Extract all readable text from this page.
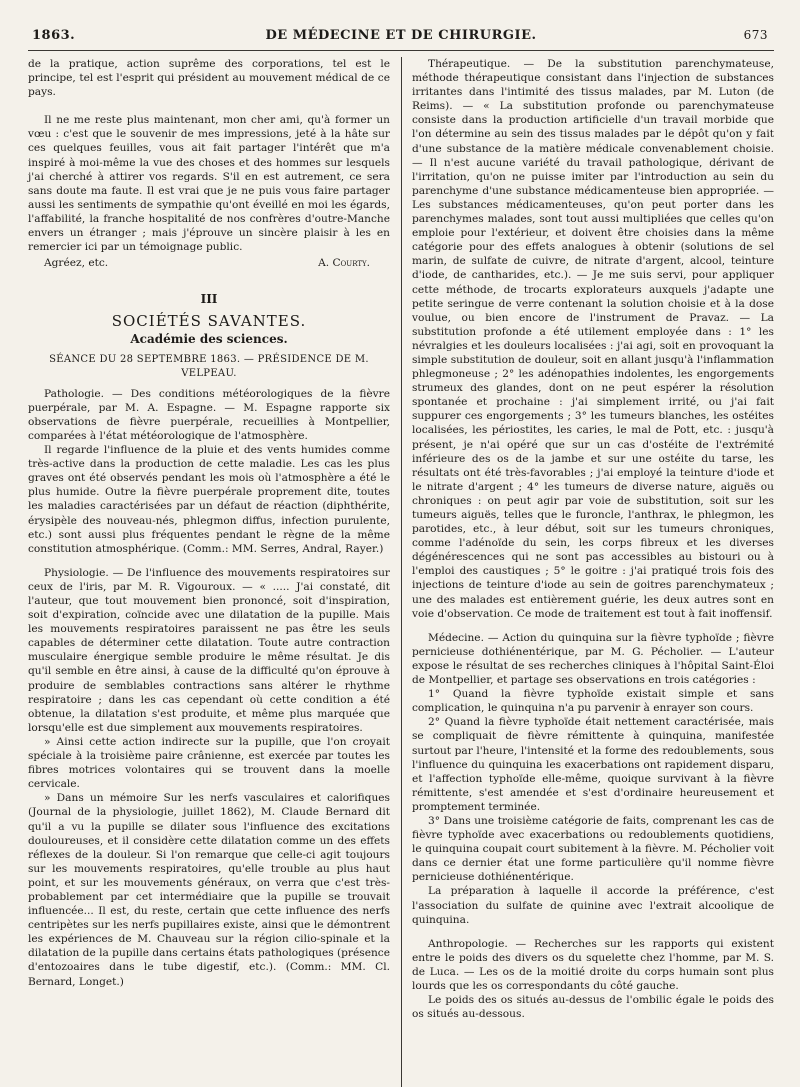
1863.	DE MÉDECINE ET DE CHIRURGIE.	673

de la pratique, action suprême des corporations, tel est le principe, tel est l'esprit qui président au mouvement médical de ce pays.

Il ne me reste plus maintenant, mon cher ami, qu'à former un vœu : c'est que le souvenir de mes impressions, jeté à la hâte sur ces quelques feuilles, vous ait fait partager l'intérêt que m'a inspiré à moi-même la vue des choses et des hommes sur lesquels j'ai cherché à attirer vos regards. S'il en est autrement, ce sera sans doute ma faute. Il est vrai que je ne puis vous faire partager aussi les sentiments de sympathie qu'ont éveillé en moi les égards, l'affabilité, la franche hospitalité de nos confrères d'outre-Manche envers un étranger ; mais j'éprouve un sincère plaisir à les en remercier ici par un témoignage public.

Agréez, etc.	A. Courty.
III
SOCIÉTÉS SAVANTES.
Académie des sciences.
SÉANCE DU 28 SEPTEMBRE 1863. — PRÉSIDENCE DE M. VELPEAU.

Pathologie. — Des conditions météorologiques de la fièvre puerpérale, par M. A. Espagne. — M. Espagne rapporte six observations de fièvre puerpérale, recueillies à Montpellier, comparées à l'état météorologique de l'atmosphère.

Il regarde l'influence de la pluie et des vents humides comme très-active dans la production de cette maladie. Les cas les plus graves ont été observés pendant les mois où l'atmosphère a été le plus humide. Outre la fièvre puerpérale proprement dite, toutes les maladies caractérisées par un défaut de réaction (diphthérite, érysipèle des nouveau-nés, phlegmon diffus, infection purulente, etc.) sont aussi plus fréquentes pendant le règne de la même constitution atmosphérique. (Comm.: MM. Serres, Andral, Rayer.)

Physiologie. — De l'influence des mouvements respiratoires sur ceux de l'iris, par M. R. Vigouroux. — « ..... J'ai constaté, dit l'auteur, que tout mouvement bien prononcé, soit d'inspiration, soit d'expiration, coïncide avec une dilatation de la pupille. Mais les mouvements respiratoires paraissent ne pas être les seuls capables de déterminer cette dilatation. Toute autre contraction musculaire énergique semble produire le même résultat. Je dis qu'il semble en être ainsi, à cause de la difficulté qu'on éprouve à produire de semblables contractions sans altérer le rhythme respiratoire ; dans les cas cependant où cette condition a été obtenue, la dilatation s'est produite, et même plus marquée que lorsqu'elle est due simplement aux mouvements respiratoires.

» Ainsi cette action indirecte sur la pupille, que l'on croyait spéciale à la troisième paire crânienne, est exercée par toutes les fibres motrices volontaires qui se trouvent dans la moelle cervicale.

» Dans un mémoire Sur les nerfs vasculaires et calorifiques (Journal de la physiologie, juillet 1862), M. Claude Bernard dit qu'il a vu la pupille se dilater sous l'influence des excitations douloureuses, et il considère cette dilatation comme un des effets réflexes de la douleur. Si l'on remarque que celle-ci agit toujours sur les mouvements respiratoires, qu'elle trouble au plus haut point, et sur les mouvements généraux, on verra que c'est très-probablement par cet intermédiaire que la pupille se trouvait influencée... Il est, du reste, certain que cette influence des nerfs centripètes sur les nerfs pupillaires existe, ainsi que le démontrent les expériences de M. Chauveau sur la région cilio-spinale et la dilatation de la pupille dans certains états pathologiques (présence d'entozoaires dans le tube digestif, etc.). (Comm.: MM. Cl. Bernard, Longet.)

Thérapeutique. — De la substitution parenchymateuse, méthode thérapeutique consistant dans l'injection de substances irritantes dans l'intimité des tissus malades, par M. Luton (de Reims). — « La substitution profonde ou parenchymateuse consiste dans la production artificielle d'un travail morbide que l'on détermine au sein des tissus malades par le dépôt qu'on y fait d'une substance de la matière médicale convenablement choisie. — Il n'est aucune variété du travail pathologique, dérivant de l'irritation, qu'on ne puisse imiter par l'introduction au sein du parenchyme d'une substance médicamenteuse bien appropriée. — Les substances médicamenteuses, qu'on peut porter dans les parenchymes malades, sont tout aussi multipliées que celles qu'on emploie pour l'extérieur, et doivent être choisies dans la même catégorie pour des effets analogues à obtenir (solutions de sel marin, de sulfate de cuivre, de nitrate d'argent, alcool, teinture d'iode, de cantharides, etc.). — Je me suis servi, pour appliquer cette méthode, de trocarts explorateurs auxquels j'adapte une petite seringue de verre contenant la solution choisie et à la dose voulue, ou bien encore de l'instrument de Pravaz. — La substitution profonde a été utilement employée dans : 1° les névralgies et les douleurs localisées : j'ai agi, soit en provoquant la simple substitution de douleur, soit en allant jusqu'à l'inflammation phlegmoneuse ; 2° les adénopathies indolentes, les engorgements strumeux des glandes, dont on ne peut espérer la résolution spontanée et prochaine : j'ai simplement irrité, ou j'ai fait suppurer ces engorgements ; 3° les tumeurs blanches, les ostéites localisées, les périostites, les caries, le mal de Pott, etc. : jusqu'à présent, je n'ai opéré que sur un cas d'ostéite de l'extrémité inférieure des os de la jambe et sur une ostéite du tarse, les résultats ont été très-favorables ; j'ai employé la teinture d'iode et le nitrate d'argent ; 4° les tumeurs de diverse nature, aiguës ou chroniques : on peut agir par voie de substitution, soit sur les tumeurs aiguës, telles que le furoncle, l'anthrax, le phlegmon, les parotides, etc., à leur début, soit sur les tumeurs chroniques, comme l'adénoïde du sein, les corps fibreux et les diverses dégénérescences qui ne sont pas accessibles au bistouri ou à l'emploi des caustiques ; 5° le goitre : j'ai pratiqué trois fois des injections de teinture d'iode au sein de goitres parenchymateux ; une des malades est entièrement guérie, les deux autres sont en voie d'observation. Ce mode de traitement est tout à fait inoffensif.

Médecine. — Action du quinquina sur la fièvre typhoïde ; fièvre pernicieuse dothiénentérique, par M. G. Pécholier. — L'auteur expose le résultat de ses recherches cliniques à l'hôpital Saint-Éloi de Montpellier, et partage ses observations en trois catégories :

1° Quand la fièvre typhoïde existait simple et sans complication, le quinquina n'a pu parvenir à enrayer son cours.

2° Quand la fièvre typhoïde était nettement caractérisée, mais se compliquait de fièvre rémittente à quinquina, manifestée surtout par l'heure, l'intensité et la forme des redoublements, sous l'influence du quinquina les exacerbations ont rapidement disparu, et l'affection typhoïde elle-même, quoique survivant à la fièvre rémittente, s'est amendée et s'est d'ordinaire heureusement et promptement terminée.

3° Dans une troisième catégorie de faits, comprenant les cas de fièvre typhoïde avec exacerbations ou redoublements quotidiens, le quinquina coupait court subitement à la fièvre. M. Pécholier voit dans ce dernier état une forme particulière qu'il nomme fièvre pernicieuse dothiénentérique.

La préparation à laquelle il accorde la préférence, c'est l'association du sulfate de quinine avec l'extrait alcoolique de quinquina.

Anthropologie. — Recherches sur les rapports qui existent entre le poids des divers os du squelette chez l'homme, par M. S. de Luca. — Les os de la moitié droite du corps humain sont plus lourds que les os correspondants du côté gauche.

Le poids des os situés au-dessus de l'ombilic égale le poids des os situés au-dessous.
